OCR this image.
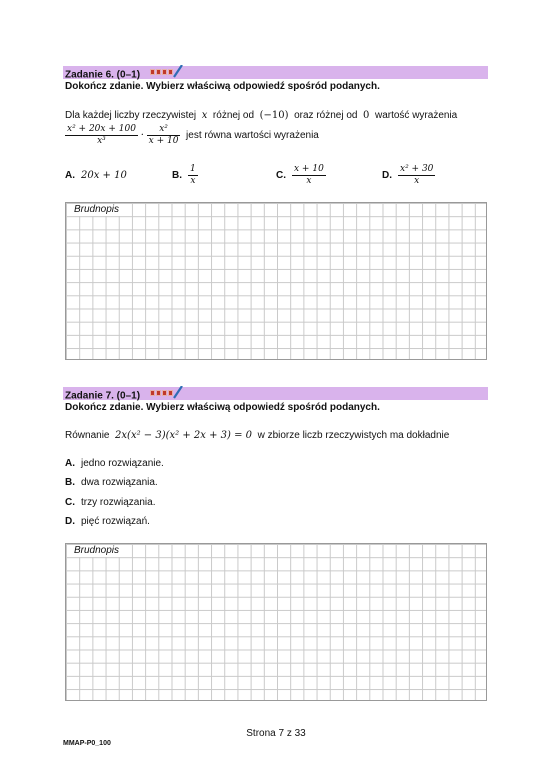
Zadanie 6. (0–1)
Dokończ zdanie. Wybierz właściwą odpowiedź spośród podanych.
Dla każdej liczby rzeczywistej x różnej od (−10) oraz różnej od 0 wartość wyrażenia
$\frac{\text{x² + 20x + 100}}{\text{x³}} \cdot \frac{\text{x²}}{x + 10}$ jest równa wartości wyrażenia
A. 20x + 10	B. $\frac{1}{x}$	C. $\frac{x + 10}{x}$	D. $\frac{\text{x² + 30}}{x}$
Brudnopis
Zadanie 7. (0–1)
Dokończ zdanie. Wybierz właściwą odpowiedź spośród podanych.
Równanie 2x(x² − 3)(x² + 2x + 3) = 0 w zbiorze liczb rzeczywistych ma dokładnie
A. jedno rozwiązanie.
B. dwa rozwiązania.
C. trzy rozwiązania.
D. pięć rozwiązań.
Brudnopis
Strona 7 z 33
MMAP-P0_100
